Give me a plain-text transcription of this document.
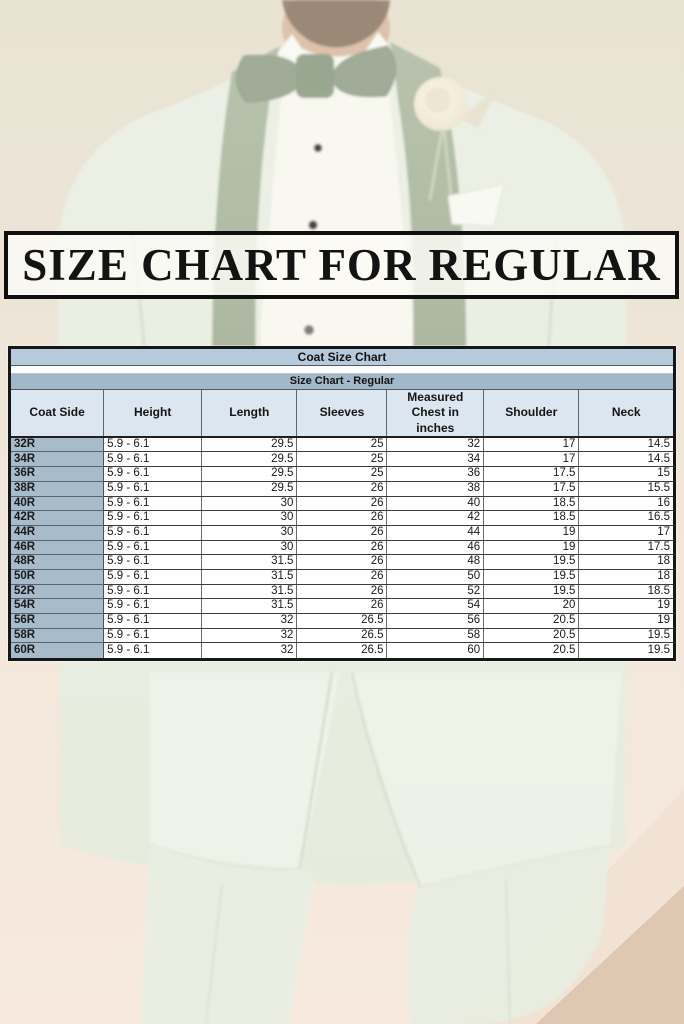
SIZE CHART FOR REGULAR
Coat Size Chart						

Size Chart - Regular						
Coat Side	Height	Length	Sleeves	Measured Chest in inches	Shoulder	Neck
32R	5.9 - 6.1	29.5	25	32	17	14.5
34R	5.9 - 6.1	29.5	25	34	17	14.5
36R	5.9 - 6.1	29.5	25	36	17.5	15
38R	5.9 - 6.1	29.5	26	38	17.5	15.5
40R	5.9 - 6.1	30	26	40	18.5	16
42R	5.9 - 6.1	30	26	42	18.5	16.5
44R	5.9 - 6.1	30	26	44	19	17
46R	5.9 - 6.1	30	26	46	19	17.5
48R	5.9 - 6.1	31.5	26	48	19.5	18
50R	5.9 - 6.1	31.5	26	50	19.5	18
52R	5.9 - 6.1	31.5	26	52	19.5	18.5
54R	5.9 - 6.1	31.5	26	54	20	19
56R	5.9 - 6.1	32	26.5	56	20.5	19
58R	5.9 - 6.1	32	26.5	58	20.5	19.5
60R	5.9 - 6.1	32	26.5	60	20.5	19.5
